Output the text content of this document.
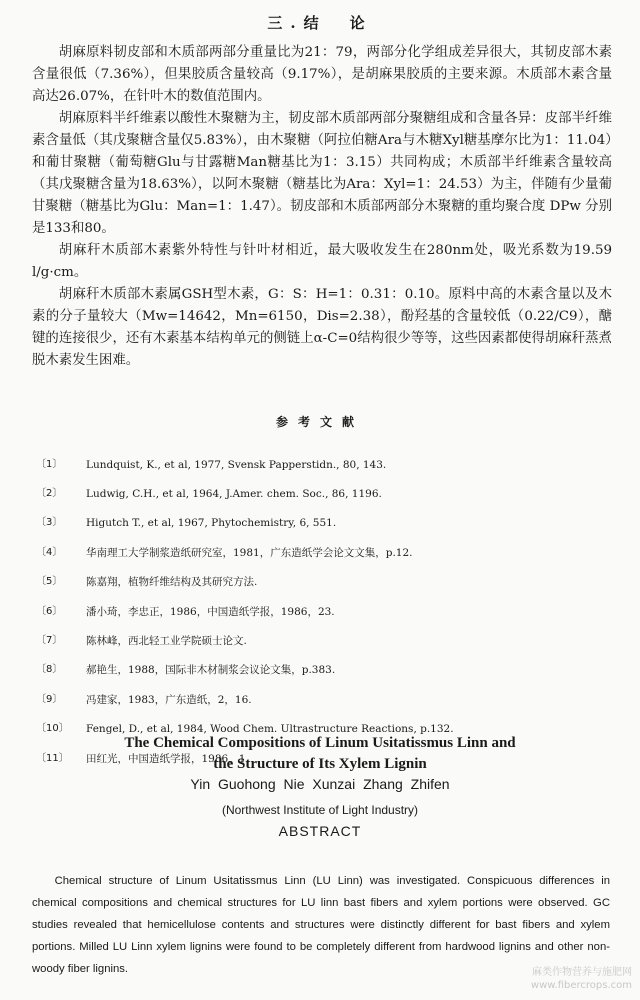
三.结　论

胡麻原料韧皮部和木质部两部分重量比为21：79，两部分化学组成差异很大，其韧皮部木素含量很低（7.36%），但果胶质含量较高（9.17%），是胡麻果胶质的主要来源。木质部木素含量高达26.07%，在针叶木的数值范围内。

胡麻原料半纤维素以酸性木聚糖为主，韧皮部木质部两部分聚糖组成和含量各异：皮部半纤维素含量低（其戊聚糖含量仅5.83%），由木聚糖（阿拉伯糖Ara与木糖Xyl糖基摩尔比为1：11.04）和葡甘聚糖（葡萄糖Glu与甘露糖Man糖基比为1：3.15）共同构成；木质部半纤维素含量较高（其戊聚糖含量为18.63%），以阿木聚糖（糖基比为Ara：Xyl=1：24.53）为主，伴随有少量葡甘聚糖（糖基比为Glu：Man=1：1.47）。韧皮部和木质部两部分木聚糖的重均聚合度 DPw 分别是133和80。

胡麻秆木质部木素紫外特性与针叶材相近，最大吸收发生在280nm处，吸光系数为19.59 l/g·cm。

胡麻秆木质部木素属GSH型木素，G：S：H=1：0.31：0.10。原料中高的木素含量以及木素的分子量较大（Mw=14642，Mn=6150，Dis=2.38），酚羟基的含量较低（0.22/C9），醣键的连接很少，还有木素基本结构单元的侧链上α-C=0结构很少等等，这些因素都使得胡麻秆蒸煮脱木素发生困难。

参考文献
〔1〕	Lundquist, K., et al, 1977, Svensk Papperstidn., 80, 143.
〔2〕	Ludwig, C.H., et al, 1964, J.Amer. chem. Soc., 86, 1196.
〔3〕	Higutch T., et al, 1967, Phytochemistry, 6, 551.
〔4〕	华南理工大学制浆造纸研究室，1981，广东造纸学会论文文集，p.12.
〔5〕	陈嘉翔，植物纤维结构及其研究方法.
〔6〕	潘小琦，李忠正，1986，中国造纸学报，1986，23.
〔7〕	陈林峰，西北轻工业学院硕士论文.
〔8〕	郝艳生，1988，国际非木材制浆会议论文集，p.383.
〔9〕	冯建家，1983，广东造纸，2，16.
〔10〕	Fengel, D., et al, 1984, Wood Chem. Ultrastructure Reactions, p.132.
〔11〕	田红光，中国造纸学报，1986，1.
The Chemical Compositions of Linum Usitatissmus Linn and
the Structure of Its Xylem Lignin
Yin Guohong Nie Xunzai Zhang Zhifen
(Northwest Institute of Light Industry)
ABSTRACT
Chemical structure of Linum Usitatissmus Linn (LU Linn) was investigated. Conspicuous differences in chemical compositions and chemical structures for LU linn bast fibers and xylem portions were observed. GC studies revealed that hemicellulose contents and structures were distinctly different for bast fibers and xylem portions. Milled LU Linn xylem lignins were found to be completely different from hardwood lignins and other non-woody fiber lignins.	麻类作物营养与施肥网
www.fibercrops.com
